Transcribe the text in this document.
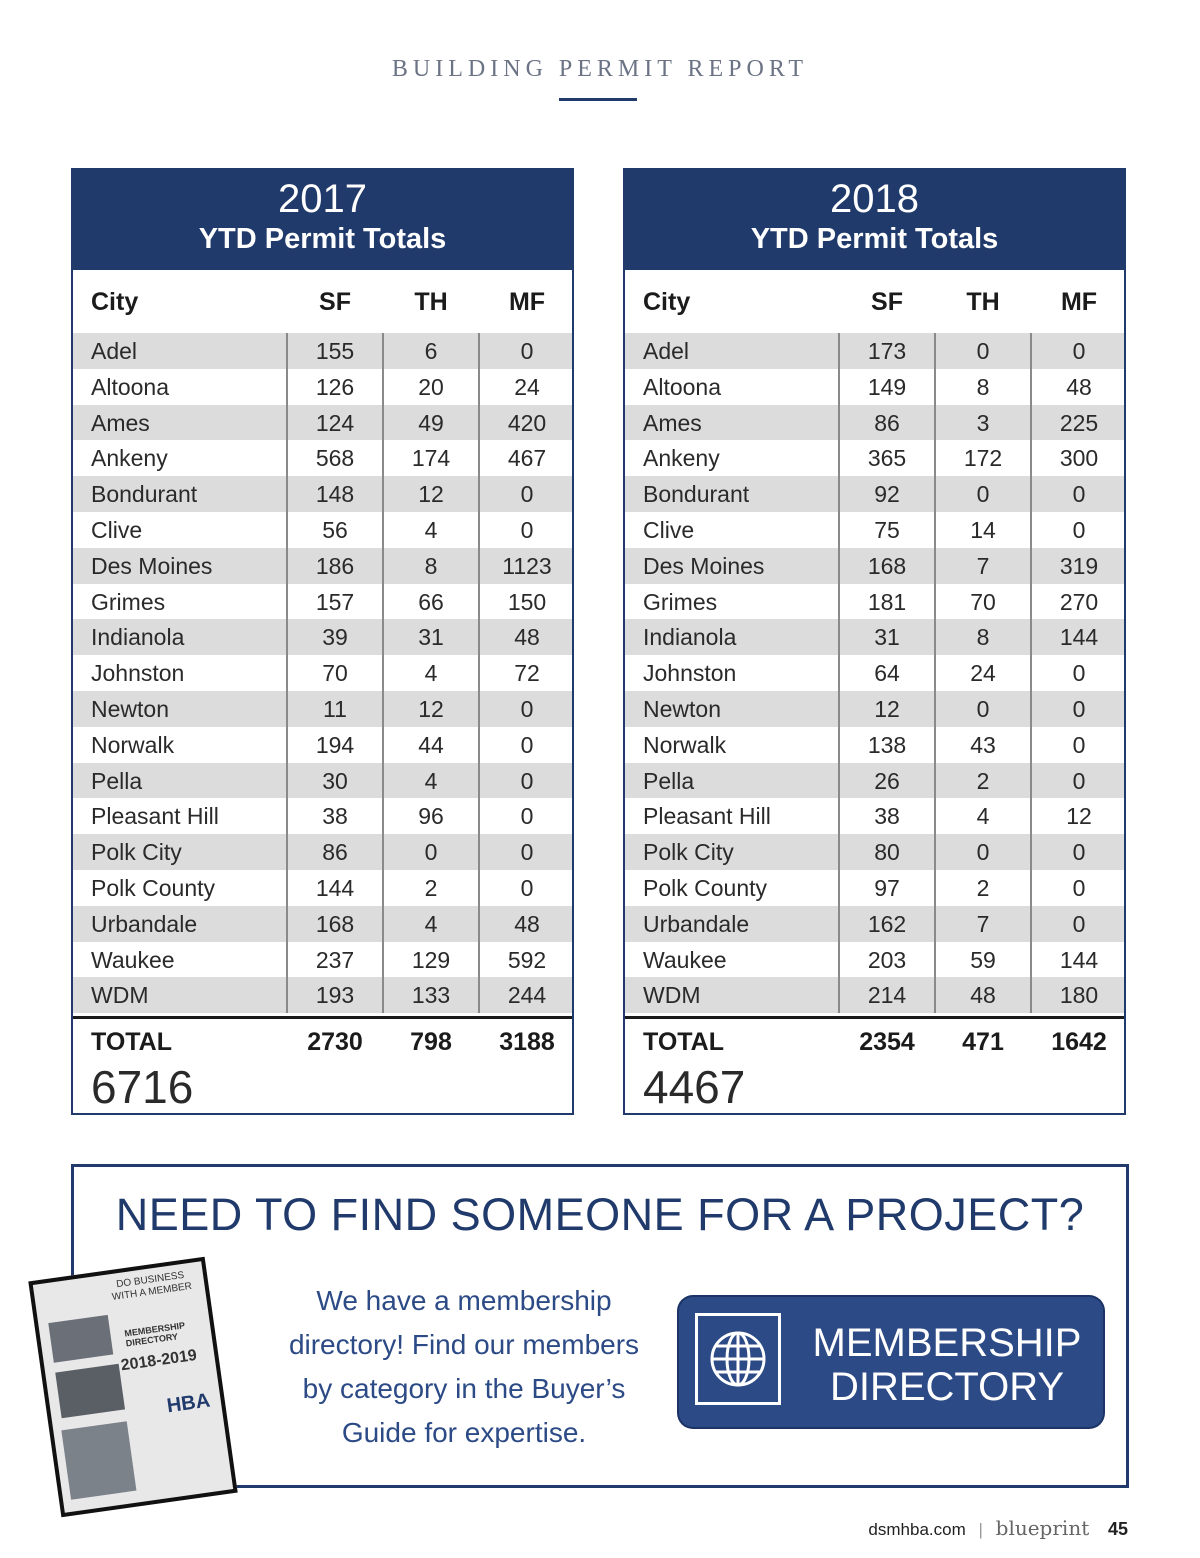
BUILDING PERMIT REPORT
2017
YTD Permit Totals
City	SF	TH	MF
Adel	155	6	0
Altoona	126	20	24
Ames	124	49	420
Ankeny	568	174	467
Bondurant	148	12	0
Clive	56	4	0
Des Moines	186	8	1123
Grimes	157	66	150
Indianola	39	31	48
Johnston	70	4	72
Newton	11	12	0
Norwalk	194	44	0
Pella	30	4	0
Pleasant Hill	38	96	0
Polk City	86	0	0
Polk County	144	2	0
Urbandale	168	4	48
Waukee	237	129	592
WDM	193	133	244
TOTAL	2730	798	3188
6716
2018
YTD Permit Totals
City	SF	TH	MF
Adel	173	0	0
Altoona	149	8	48
Ames	86	3	225
Ankeny	365	172	300
Bondurant	92	0	0
Clive	75	14	0
Des Moines	168	7	319
Grimes	181	70	270
Indianola	31	8	144
Johnston	64	24	0
Newton	12	0	0
Norwalk	138	43	0
Pella	26	2	0
Pleasant Hill	38	4	12
Polk City	80	0	0
Polk County	97	2	0
Urbandale	162	7	0
Waukee	203	59	144
WDM	214	48	180
TOTAL	2354	471	1642
4467
NEED TO FIND SOMEONE FOR A PROJECT?
We have a membership directory! Find our members by category in the Buyer’s Guide for expertise.
MEMBERSHIP DIRECTORY
DO BUSINESS WITH A MEMBER
MEMBERSHIP DIRECTORY
2018-2019
HBA
dsmhba.com | blueprint 45
